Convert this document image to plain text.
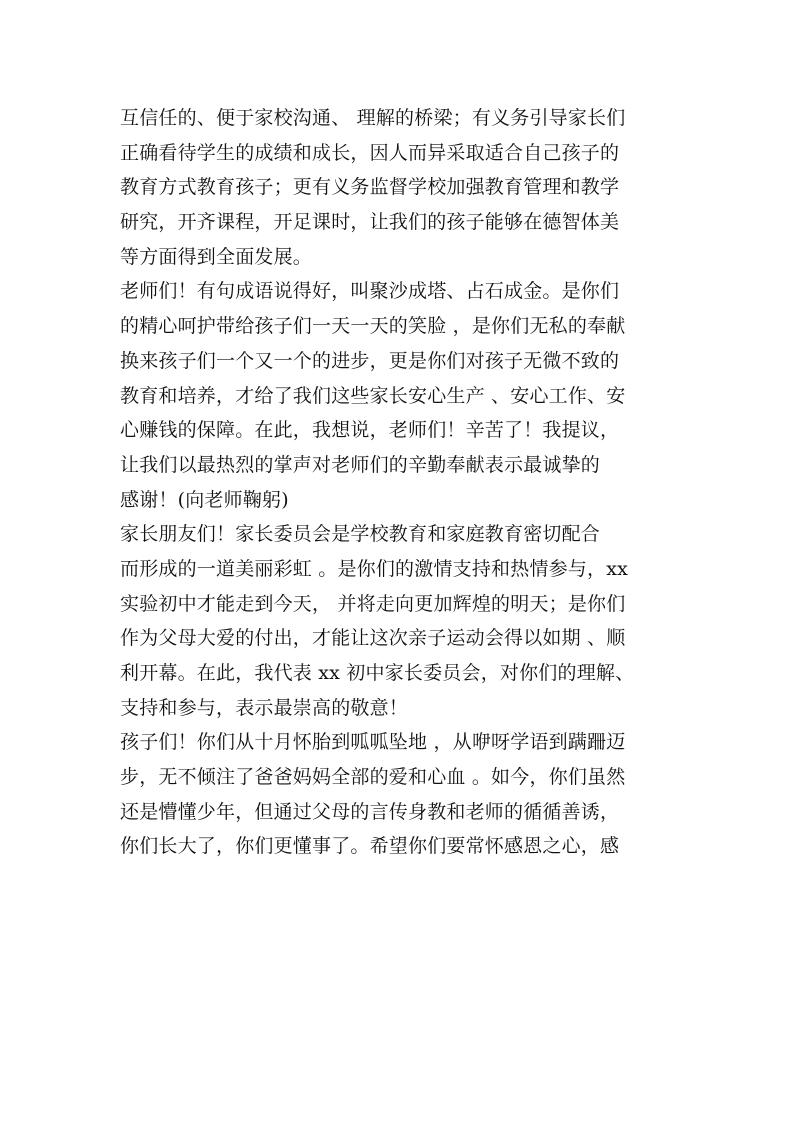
互信任的、便于家校沟通、 理解的桥梁；有义务引导家长们
正确看待学生的成绩和成长，因人而异采取适合自己孩子的
教育方式教育孩子；更有义务监督学校加强教育管理和教学
研究，开齐课程，开足课时，让我们的孩子能够在德智体美
等方面得到全面发展。
老师们！有句成语说得好，叫聚沙成塔、占石成金。是你们
的精心呵护带给孩子们一天一天的笑脸 ，是你们无私的奉献
换来孩子们一个又一个的进步，更是你们对孩子无微不致的
教育和培养，才给了我们这些家长安心生产 、安心工作、安
心赚钱的保障。在此，我想说，老师们！辛苦了！我提议，
让我们以最热烈的掌声对老师们的辛勤奉献表示最诚挚的
感谢！(向老师鞠躬)
家长朋友们！家长委员会是学校教育和家庭教育密切配合
而形成的一道美丽彩虹 。是你们的激情支持和热情参与，xx
实验初中才能走到今天， 并将走向更加辉煌的明天；是你们
作为父母大爱的付出，才能让这次亲子运动会得以如期 、顺
利开幕。在此，我代表 xx 初中家长委员会，对你们的理解、
支持和参与，表示最崇高的敬意！
孩子们！你们从十月怀胎到呱呱坠地 ，从咿呀学语到蹒跚迈
步，无不倾注了爸爸妈妈全部的爱和心血 。如今，你们虽然
还是懵懂少年，但通过父母的言传身教和老师的循循善诱，
你们长大了，你们更懂事了。希望你们要常怀感恩之心，感
